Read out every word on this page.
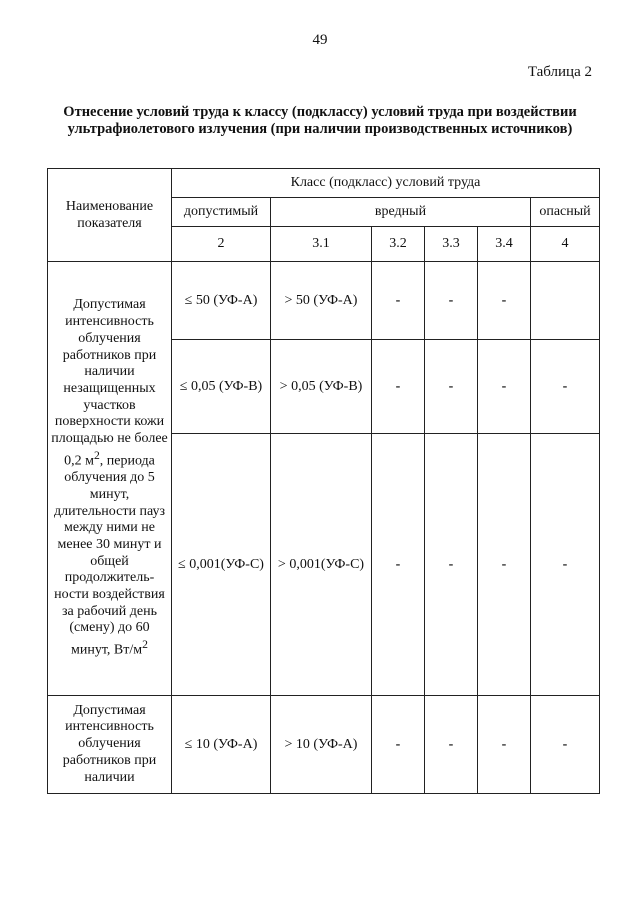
49
Таблица 2
Отнесение условий труда к классу (подклассу) условий труда при воздействии ультрафиолетового излучения (при наличии производственных источников)
Наименование показателя	Класс (подкласс) условий труда					
	допустимый	вредный				опасный
	2	3.1	3.2	3.3	3.4	4
Допустимая интенсивность облучения работников при наличии незащищенных участков поверхности кожи площадью не более 0,2 $м^2$, периода облучения до 5 минут, длительности пауз между ними не менее 30 минут и общей продолжитель-ности воздействия за рабочий день (смену) до 60 минут, $Вт/м^2$	≤ 50 (УФ-А)	> 50 (УФ-А)	-	-	-	
	≤ 0,05 (УФ-В)	> 0,05 (УФ-В)	-	-	-	-
	≤ 0,001(УФ-С)	> 0,001(УФ-С)	-	-	-	-
Допустимая интенсивность облучения работников при наличии	≤ 10 (УФ-А)	> 10 (УФ-А)	-	-	-	-
